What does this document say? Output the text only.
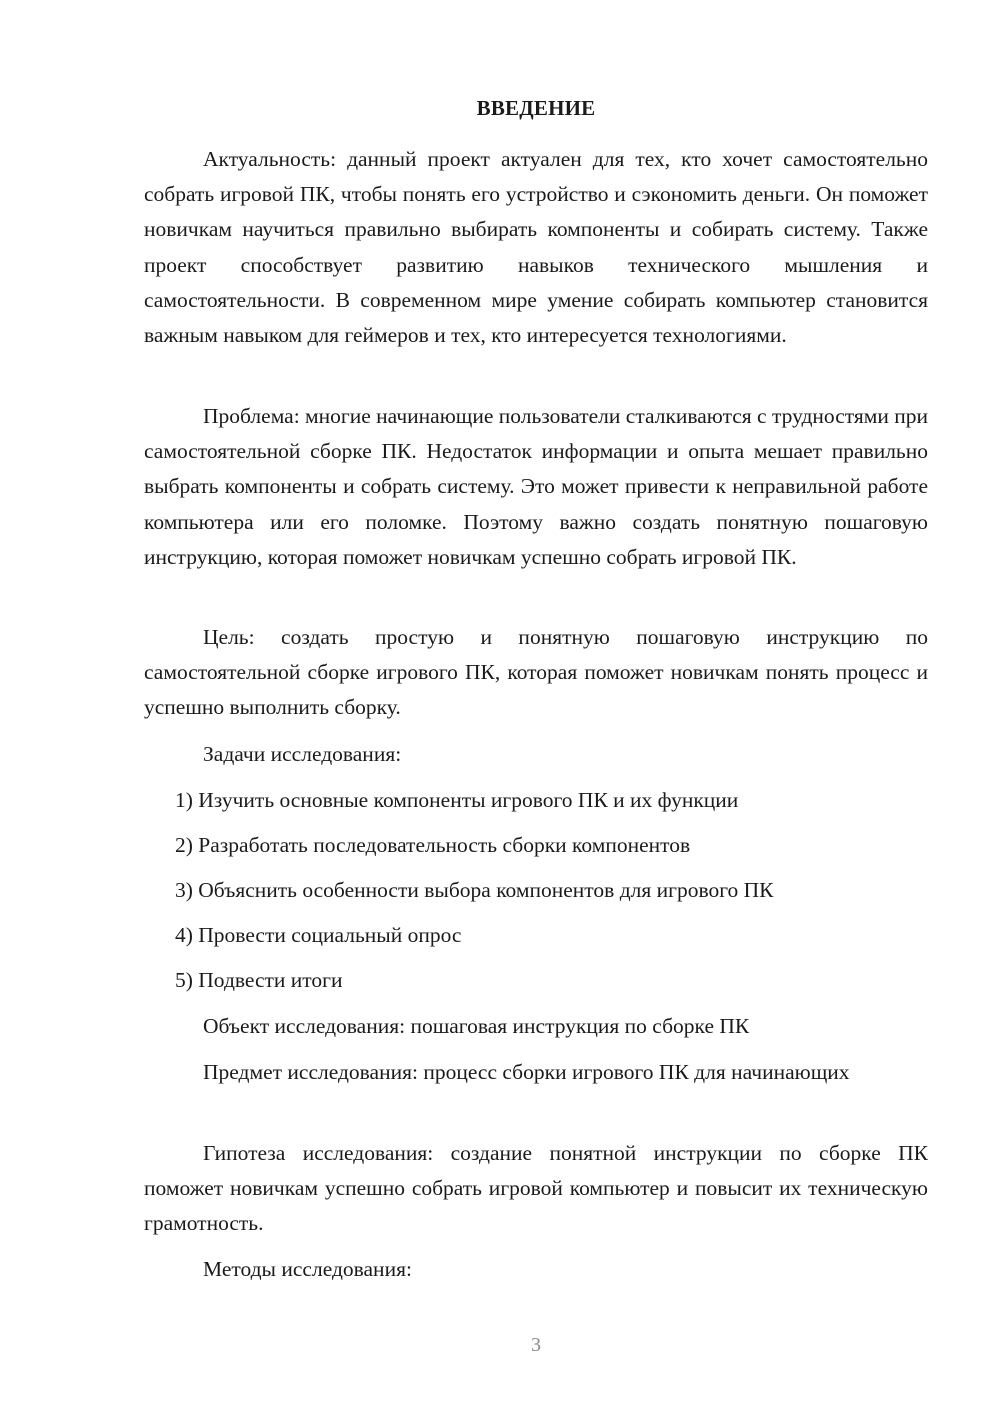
ВВЕДЕНИЕ

Актуальность: данный проект актуален для тех, кто хочет самостоятельно собрать игровой ПК, чтобы понять его устройство и сэкономить деньги. Он поможет новичкам научиться правильно выбирать компоненты и собирать систему. Также проект способствует развитию навыков технического мышления и самостоятельности. В современном мире умение собирать компьютер становится важным навыком для геймеров и тех, кто интересуется технологиями.

Проблема: многие начинающие пользователи сталкиваются с трудностями при самостоятельной сборке ПК. Недостаток информации и опыта мешает правильно выбрать компоненты и собрать систему. Это может привести к неправильной работе компьютера или его поломке. Поэтому важно создать понятную пошаговую инструкцию, которая поможет новичкам успешно собрать игровой ПК.

Цель: создать простую и понятную пошаговую инструкцию по самостоятельной сборке игрового ПК, которая поможет новичкам понять процесс и успешно выполнить сборку.

Задачи исследования:

1) Изучить основные компоненты игрового ПК и их функции

2) Разработать последовательность сборки компонентов

3) Объяснить особенности выбора компонентов для игрового ПК

4) Провести социальный опрос

5) Подвести итоги

Объект исследования: пошаговая инструкция по сборке ПК

Предмет исследования: процесс сборки игрового ПК для начинающих

Гипотеза исследования: создание понятной инструкции по сборке ПК поможет новичкам успешно собрать игровой компьютер и повысит их техническую грамотность.

Методы исследования:

3
